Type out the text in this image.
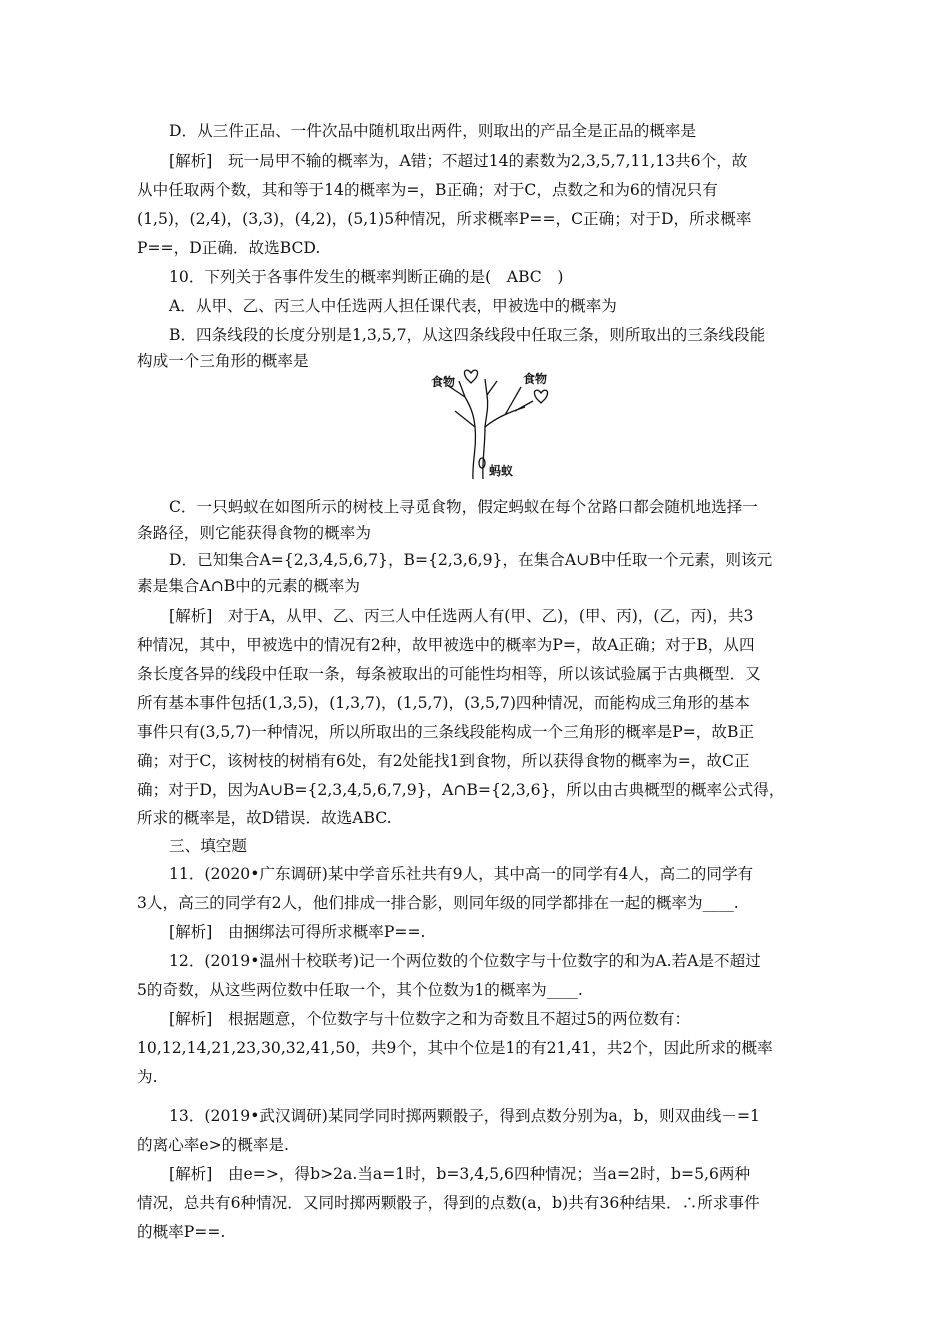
D．从三件正品、一件次品中随机取出两件，则取出的产品全是正品的概率是
[解析]　玩一局甲不输的概率为，A错；不超过14的素数为2,3,5,7,11,13共6个，故
从中任取两个数，其和等于14的概率为=，B正确；对于C，点数之和为6的情况只有
(1,5)，(2,4)，(3,3)，(4,2)，(5,1)5种情况，所求概率P==，C正确；对于D，所求概率
P==，D正确．故选BCD.
10．下列关于各事件发生的概率判断正确的是(　ABC　)
A．从甲、乙、丙三人中任选两人担任课代表，甲被选中的概率为
B．四条线段的长度分别是1,3,5,7，从这四条线段中任取三条，则所取出的三条线段能
构成一个三角形的概率是
食物	食物
蚂蚁
C．一只蚂蚁在如图所示的树枝上寻觅食物，假定蚂蚁在每个岔路口都会随机地选择一
条路径，则它能获得食物的概率为
D．已知集合A={2,3,4,5,6,7}，B={2,3,6,9}，在集合A∪B中任取一个元素，则该元
素是集合A∩B中的元素的概率为
[解析]　对于A，从甲、乙、丙三人中任选两人有(甲、乙)，(甲、丙)，(乙，丙)，共3
种情况，其中，甲被选中的情况有2种，故甲被选中的概率为P=，故A正确；对于B，从四
条长度各异的线段中任取一条，每条被取出的可能性均相等，所以该试验属于古典概型．又
所有基本事件包括(1,3,5)，(1,3,7)，(1,5,7)，(3,5,7)四种情况，而能构成三角形的基本
事件只有(3,5,7)一种情况，所以所取出的三条线段能构成一个三角形的概率是P=，故B正
确；对于C，该树枝的树梢有6处，有2处能找1到食物，所以获得食物的概率为=，故C正
确；对于D，因为A∪B={2,3,4,5,6,7,9}，A∩B={2,3,6}，所以由古典概型的概率公式得，
所求的概率是，故D错误．故选ABC.
三、填空题
11．(2020•广东调研)某中学音乐社共有9人，其中高一的同学有4人，高二的同学有
3人，高三的同学有2人，他们排成一排合影，则同年级的同学都排在一起的概率为____.
[解析]　由捆绑法可得所求概率P==.
12．(2019•温州十校联考)记一个两位数的个位数字与十位数字的和为A.若A是不超过
5的奇数，从这些两位数中任取一个，其个位数为1的概率为____.
[解析]　根据题意，个位数字与十位数字之和为奇数且不超过5的两位数有：
10,12,14,21,23,30,32,41,50，共9个，其中个位是1的有21,41，共2个，因此所求的概率
为.
13．(2019•武汉调研)某同学同时掷两颗骰子，得到点数分别为a，b，则双曲线－=1
的离心率e>的概率是.
[解析]　由e=>，得b>2a.当a=1时，b=3,4,5,6四种情况；当a=2时，b=5,6两种
情况，总共有6种情况．又同时掷两颗骰子，得到的点数(a，b)共有36种结果．∴所求事件
的概率P==.
